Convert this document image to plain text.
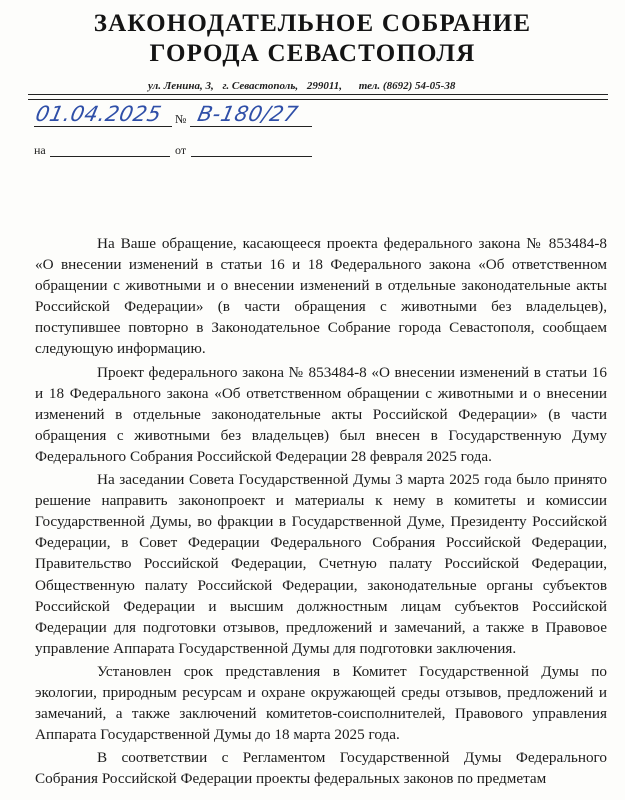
ЗАКОНОДАТЕЛЬНОЕ СОБРАНИЕ
ГОРОДА СЕВАСТОПОЛЯ
ул. Ленина, 3, г. Севастополь, 299011, тел. (8692) 54-05-38
01.04.2025 № В-180/27
на	от

На Ваше обращение, касающееся проекта федерального закона № 853484-8 «О внесении изменений в статьи 16 и 18 Федерального закона «Об ответственном обращении с животными и о внесении изменений в отдельные законодательные акты Российской Федерации» (в части обращения с животными без владельцев), поступившее повторно в Законодательное Собрание города Севастополя, сообщаем следующую информацию.

Проект федерального закона № 853484-8 «О внесении изменений в статьи 16 и 18 Федерального закона «Об ответственном обращении с животными и о внесении изменений в отдельные законодательные акты Российской Федерации» (в части обращения с животными без владельцев) был внесен в Государственную Думу Федерального Собрания Российской Федерации 28 февраля 2025 года.

На заседании Совета Государственной Думы 3 марта 2025 года было принято решение направить законопроект и материалы к нему в комитеты и комиссии Государственной Думы, во фракции в Государственной Думе, Президенту Российской Федерации, в Совет Федерации Федерального Собрания Российской Федерации, Правительство Российской Федерации, Счетную палату Российской Федерации, Общественную палату Российской Федерации, законодательные органы субъектов Российской Федерации и высшим должностным лицам субъектов Российской Федерации для подготовки отзывов, предложений и замечаний, а также в Правовое управление Аппарата Государственной Думы для подготовки заключения.

Установлен срок представления в Комитет Государственной Думы по экологии, природным ресурсам и охране окружающей среды отзывов, предложений и замечаний, а также заключений комитетов-соисполнителей, Правового управления Аппарата Государственной Думы до 18 марта 2025 года.

В соответствии с Регламентом Государственной Думы Федерального Собрания Российской Федерации проекты федеральных законов по предметам
